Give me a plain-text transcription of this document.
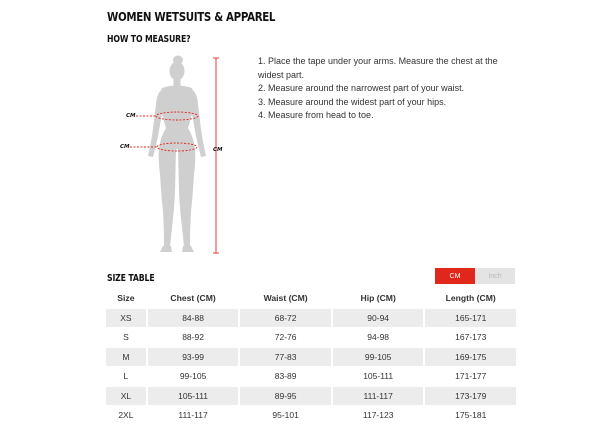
WOMEN WETSUITS & APPAREL
HOW TO MEASURE?
CM
CM	CM
1. Place the tape under your arms. Measure the chest at the
widest part.
2. Measure around the narrowest part of your waist.
3. Measure around the widest part of your hips.
4. Measure from head to toe.
SIZE TABLE	CM	Inch
Size	Chest (CM)	Waist (CM)	Hip (CM)	Length (CM)
XS	84-88	68-72	90-94	165-171
S	88-92	72-76	94-98	167-173
M	93-99	77-83	99-105	169-175
L	99-105	83-89	105-111	171-177
XL	105-111	89-95	111-117	173-179
2XL	111-117	95-101	117-123	175-181
